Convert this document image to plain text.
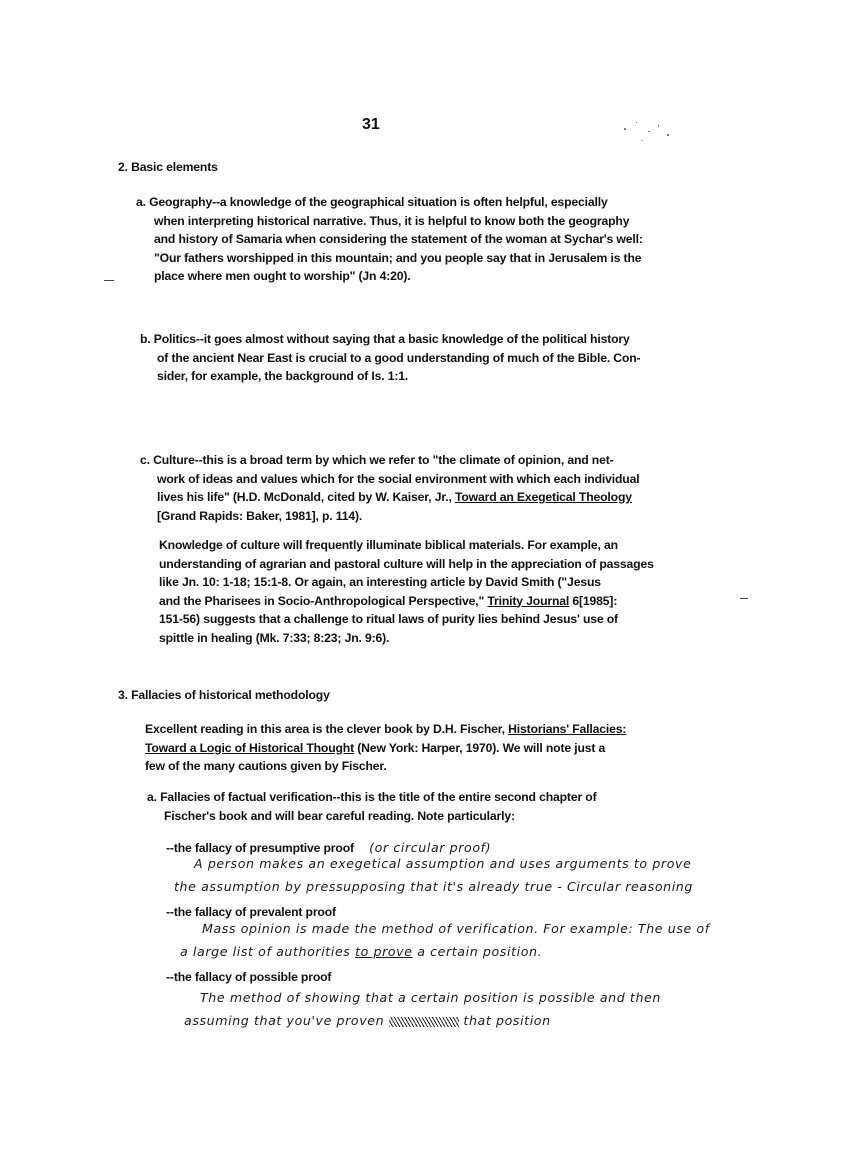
31
2. Basic elements
a. Geography--a knowledge of the geographical situation is often helpful, especially
when interpreting historical narrative. Thus, it is helpful to know both the geography
and history of Samaria when considering the statement of the woman at Sychar's well:
"Our fathers worshipped in this mountain; and you people say that in Jerusalem is the
place where men ought to worship" (Jn 4:20).
b. Politics--it goes almost without saying that a basic knowledge of the political history
of the ancient Near East is crucial to a good understanding of much of the Bible. Con-
sider, for example, the background of Is. 1:1.
c. Culture--this is a broad term by which we refer to "the climate of opinion, and net-
work of ideas and values which for the social environment with which each individual
lives his life" (H.D. McDonald, cited by W. Kaiser, Jr., Toward an Exegetical Theology
[Grand Rapids: Baker, 1981], p. 114).
Knowledge of culture will frequently illuminate biblical materials. For example, an
understanding of agrarian and pastoral culture will help in the appreciation of passages
like Jn. 10: 1-18; 15:1-8. Or again, an interesting article by David Smith ("Jesus
and the Pharisees in Socio-Anthropological Perspective," Trinity Journal 6[1985]:
151-56) suggests that a challenge to ritual laws of purity lies behind Jesus' use of
spittle in healing (Mk. 7:33; 8:23; Jn. 9:6).
3. Fallacies of historical methodology
Excellent reading in this area is the clever book by D.H. Fischer, Historians' Fallacies:
Toward a Logic of Historical Thought (New York: Harper, 1970). We will note just a
few of the many cautions given by Fischer.
a. Fallacies of factual verification--this is the title of the entire second chapter of
Fischer's book and will bear careful reading. Note particularly:
--the fallacy of presumptive proof (or circular proof)
A person makes an exegetical assumption and uses arguments to prove
the assumption by pressupposing that it's already true - Circular reasoning
--the fallacy of prevalent proof
Mass opinion is made the method of verification. For example: The use of
a large list of authorities to prove a certain position.
--the fallacy of possible proof
The method of showing that a certain position is possible and then
assuming that you've proven	that position
